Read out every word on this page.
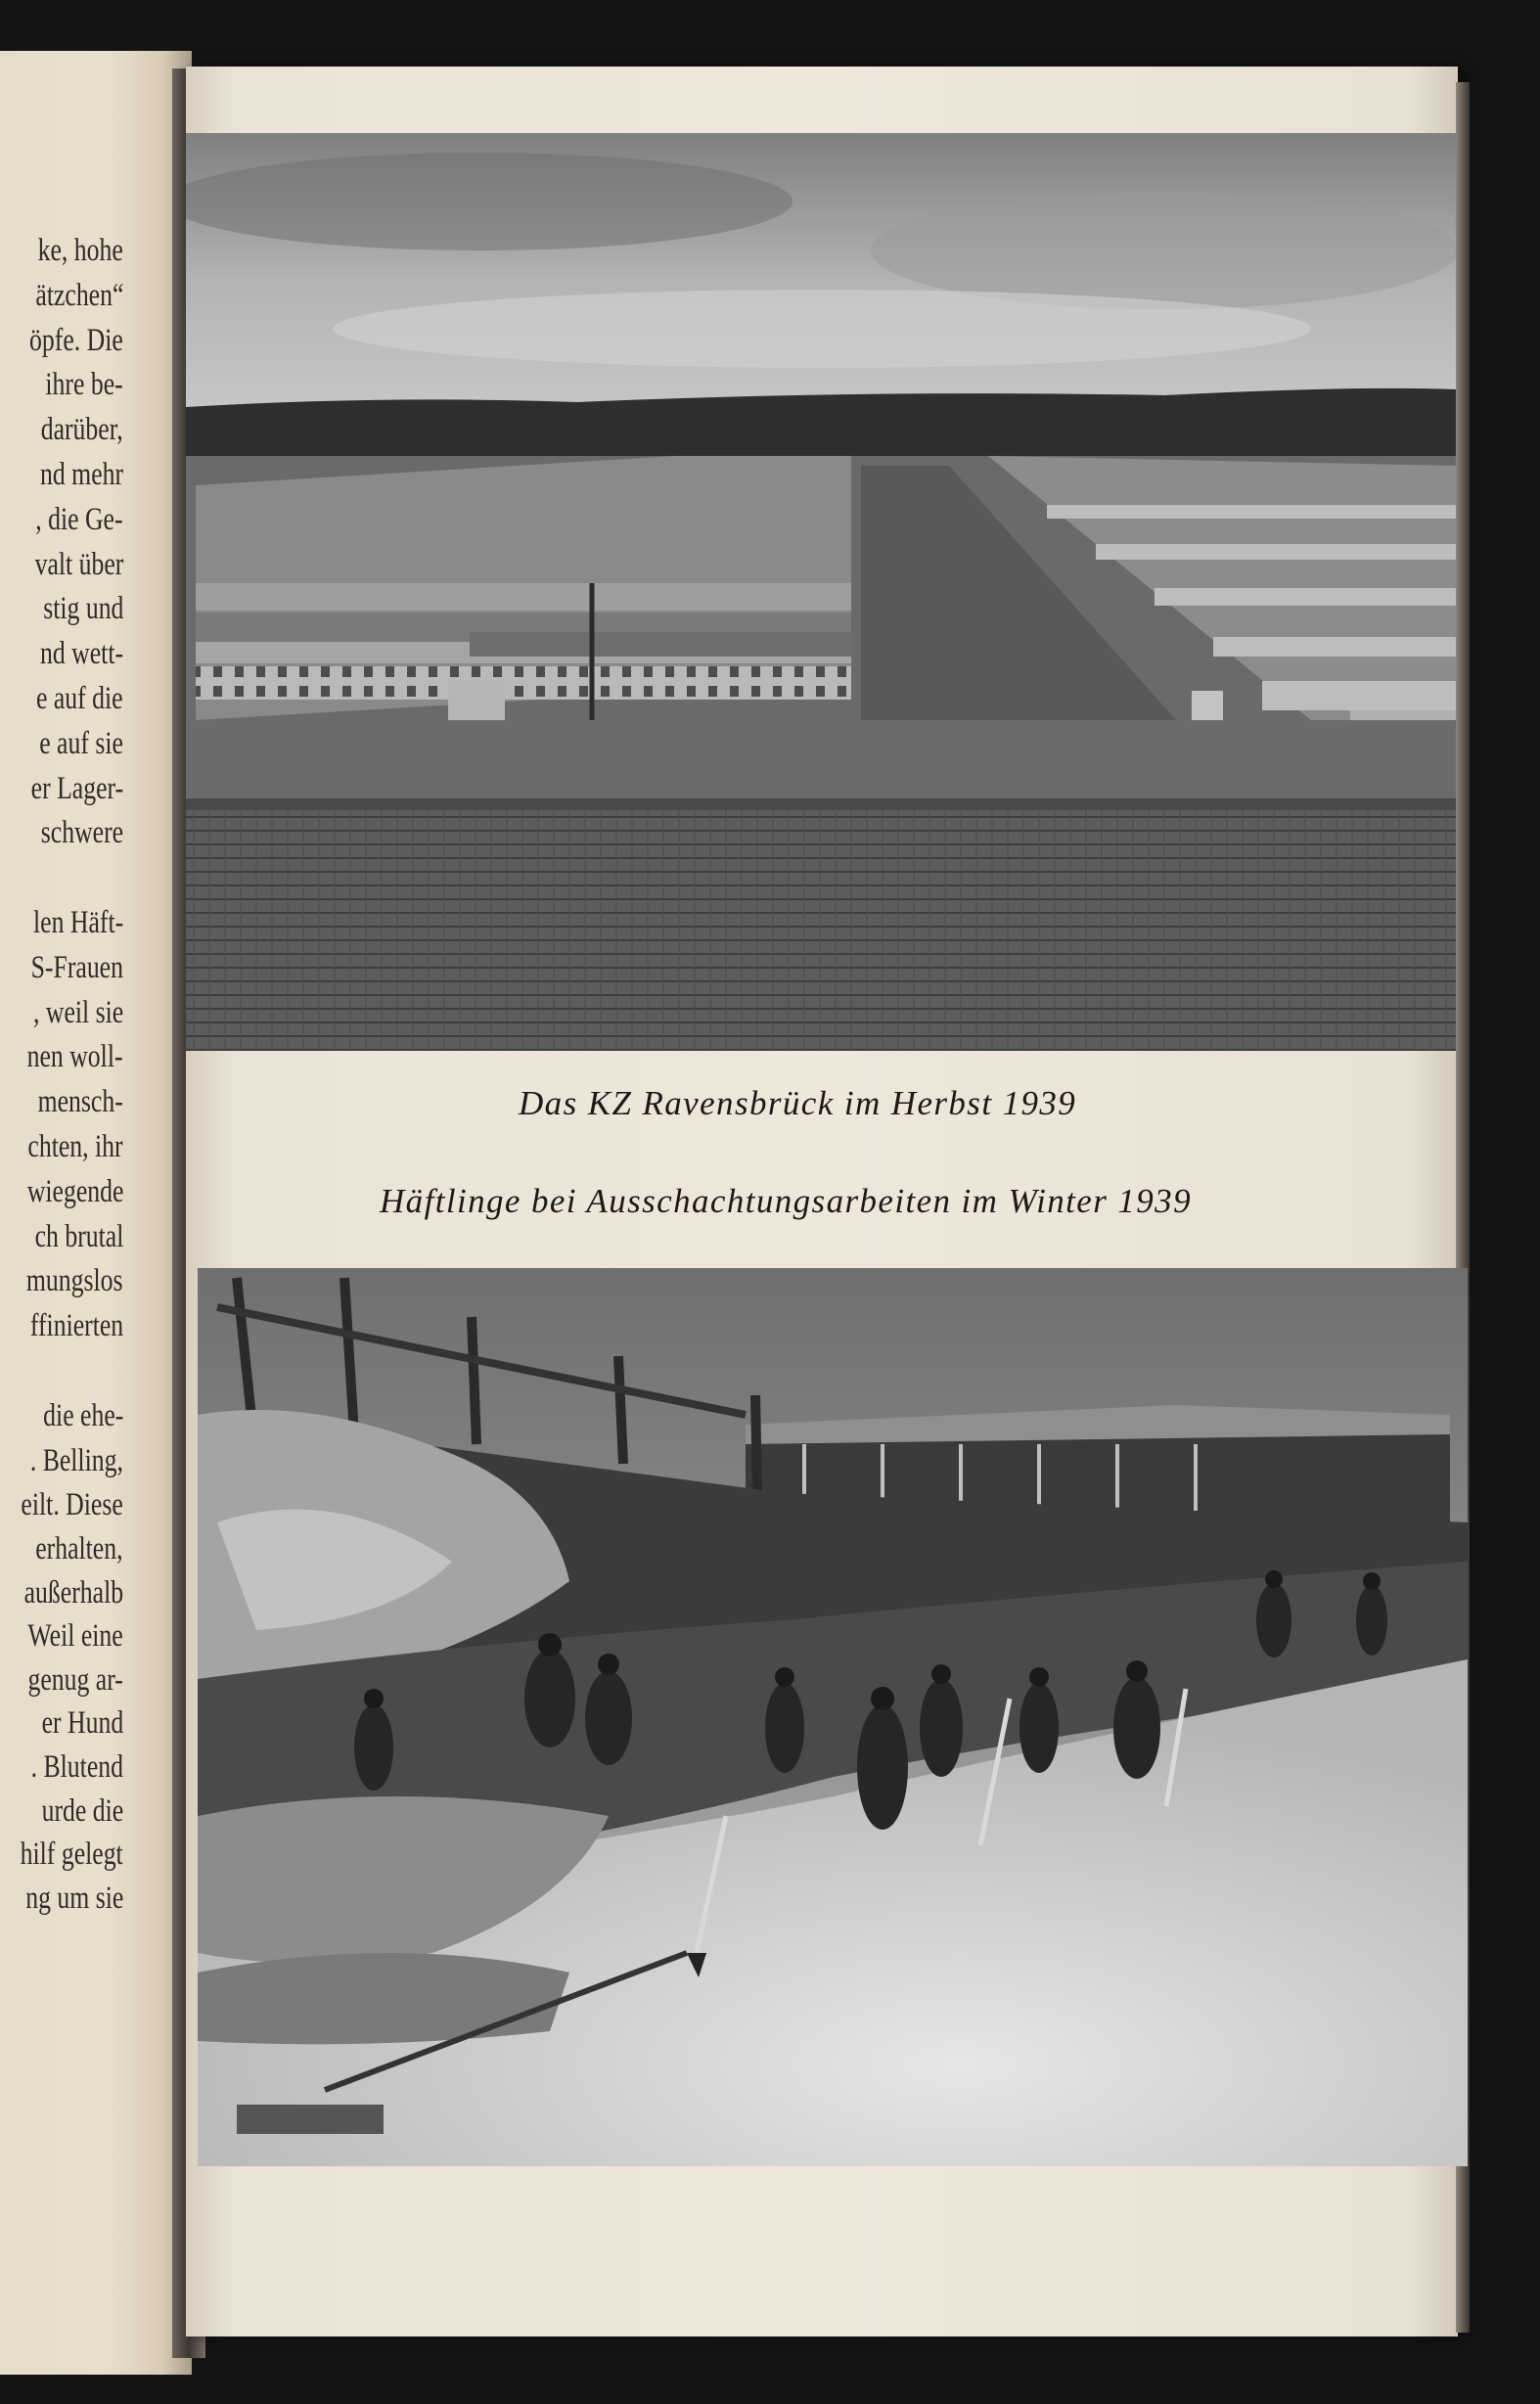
ke, hohe
ätzchen“
öpfe. Die
ihre be-
darüber,
nd mehr
, die Ge-
valt über
stig und
nd wett-
e auf die
e auf sie
er Lager-
schwere
len Häft-
S-Frauen
, weil sie
nen woll-
mensch-
chten, ihr
wiegende
ch brutal
mungslos
ffinierten
die ehe-
. Belling,
eilt. Diese
erhalten,
außerhalb
Weil eine
genug ar-
er Hund
. Blutend
urde die
hilf gelegt
ng um sie
Das KZ Ravensbrück im Herbst 1939
Häftlinge bei Ausschachtungsarbeiten im Winter 1939
